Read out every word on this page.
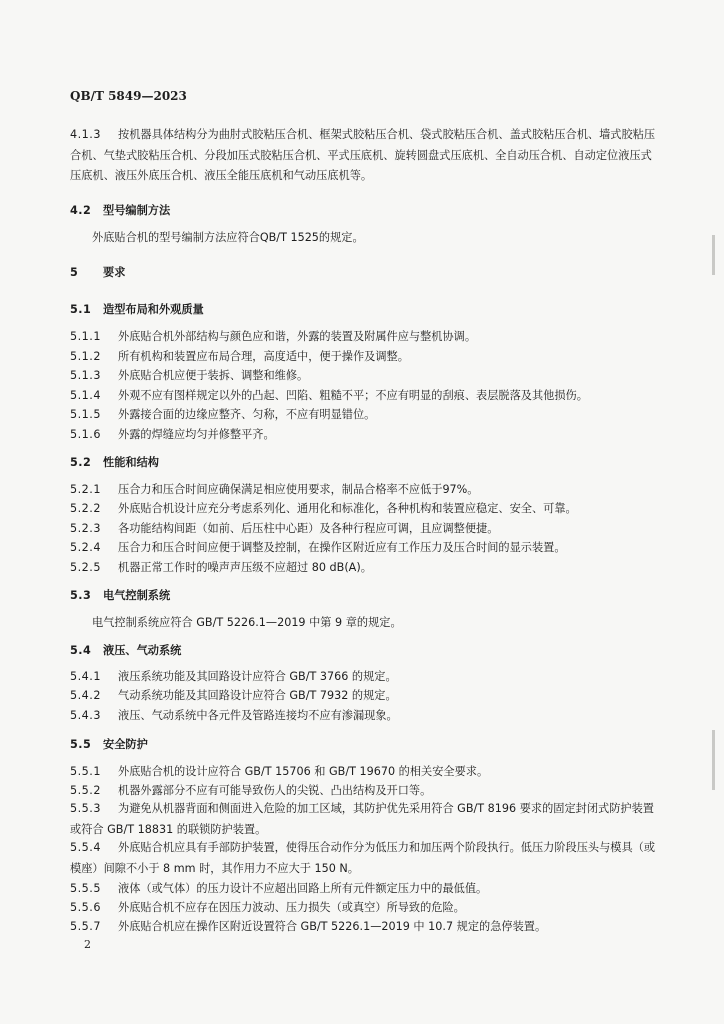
QB/T 5849—2023
4.1.3 按机器具体结构分为曲肘式胶粘压合机、框架式胶粘压合机、袋式胶粘压合机、盖式胶粘压合机、墙式胶粘压合机、气垫式胶粘压合机、分段加压式胶粘压合机、平式压底机、旋转圆盘式压底机、全自动压合机、自动定位液压式压底机、液压外底压合机、液压全能压底机和气动压底机等。
4.2 型号编制方法
外底贴合机的型号编制方法应符合QB/T 1525的规定。
5 要求
5.1 造型布局和外观质量
5.1.1 外底贴合机外部结构与颜色应和谐，外露的装置及附属件应与整机协调。
5.1.2 所有机构和装置应布局合理，高度适中，便于操作及调整。
5.1.3 外底贴合机应便于装拆、调整和维修。
5.1.4 外观不应有图样规定以外的凸起、凹陷、粗糙不平；不应有明显的刮痕、表层脱落及其他损伤。
5.1.5 外露接合面的边缘应整齐、匀称，不应有明显错位。
5.1.6 外露的焊缝应均匀并修整平齐。
5.2 性能和结构
5.2.1 压合力和压合时间应确保满足相应使用要求，制品合格率不应低于97%。
5.2.2 外底贴合机设计应充分考虑系列化、通用化和标准化，各种机构和装置应稳定、安全、可靠。
5.2.3 各功能结构间距（如前、后压柱中心距）及各种行程应可调，且应调整便捷。
5.2.4 压合力和压合时间应便于调整及控制，在操作区附近应有工作压力及压合时间的显示装置。
5.2.5 机器正常工作时的噪声声压级不应超过 80 dB(A)。
5.3 电气控制系统
电气控制系统应符合 GB/T 5226.1—2019 中第 9 章的规定。
5.4 液压、气动系统
5.4.1 液压系统功能及其回路设计应符合 GB/T 3766 的规定。
5.4.2 气动系统功能及其回路设计应符合 GB/T 7932 的规定。
5.4.3 液压、气动系统中各元件及管路连接均不应有渗漏现象。
5.5 安全防护
5.5.1 外底贴合机的设计应符合 GB/T 15706 和 GB/T 19670 的相关安全要求。
5.5.2 机器外露部分不应有可能导致伤人的尖锐、凸出结构及开口等。
5.5.3 为避免从机器背面和侧面进入危险的加工区域，其防护优先采用符合 GB/T 8196 要求的固定封闭式防护装置或符合 GB/T 18831 的联锁防护装置。
5.5.4 外底贴合机应具有手部防护装置，使得压合动作分为低压力和加压两个阶段执行。低压力阶段压头与模具（或模座）间隙不小于 8 mm 时，其作用力不应大于 150 N。
5.5.5 液体（或气体）的压力设计不应超出回路上所有元件额定压力中的最低值。
5.5.6 外底贴合机不应存在因压力波动、压力损失（或真空）所导致的危险。
5.5.7 外底贴合机应在操作区附近设置符合 GB/T 5226.1—2019 中 10.7 规定的急停装置。
2
